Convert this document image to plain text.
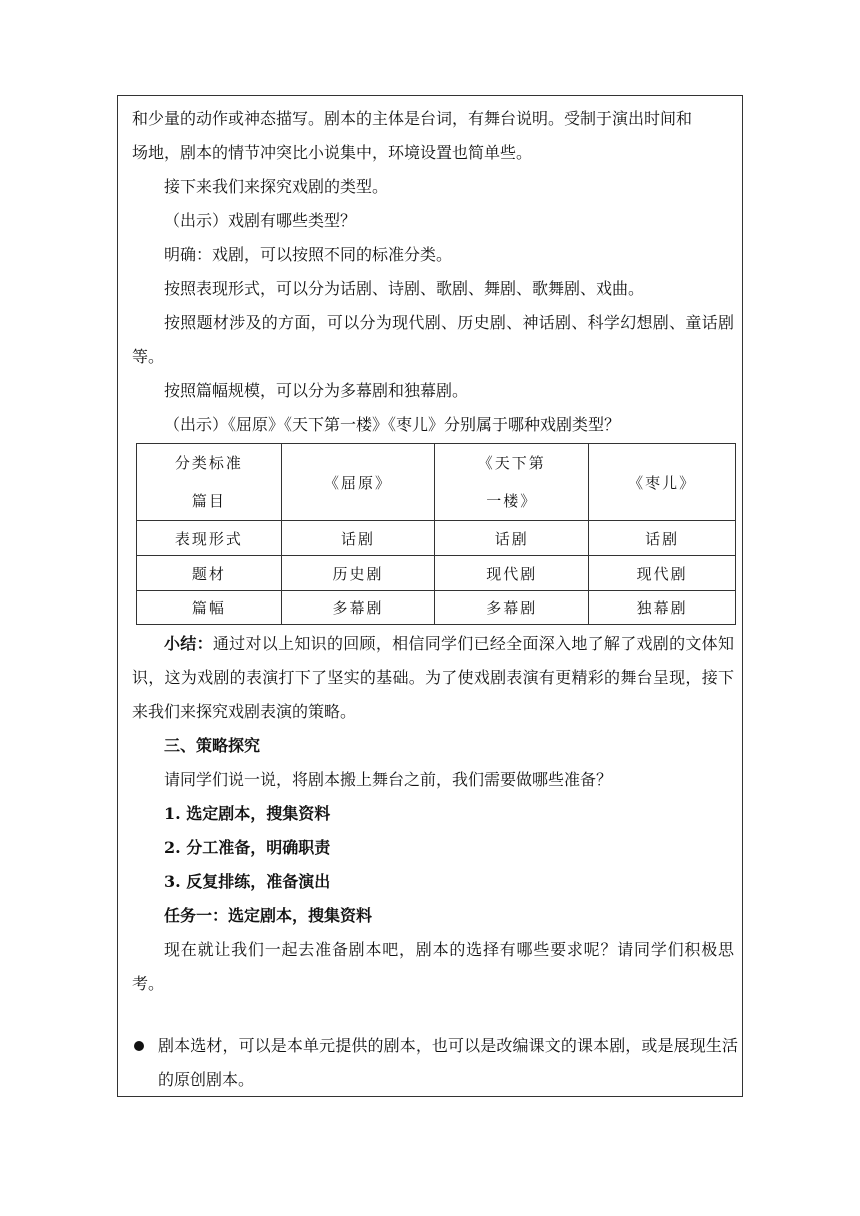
和少量的动作或神态描写。剧本的主体是台词，有舞台说明。受制于演出时间和

场地，剧本的情节冲突比小说集中，环境设置也简单些。

接下来我们来探究戏剧的类型。

（出示）戏剧有哪些类型？

明确：戏剧，可以按照不同的标准分类。

按照表现形式，可以分为话剧、诗剧、歌剧、舞剧、歌舞剧、戏曲。

按照题材涉及的方面，可以分为现代剧、历史剧、神话剧、科学幻想剧、童话剧等。

按照篇幅规模，可以分为多幕剧和独幕剧。

（出示）《屈原》《天下第一楼》《枣儿》分别属于哪种戏剧类型？

分类标准
篇目	《屈原》	《天下第一楼》	《枣儿》
表现形式	话剧	话剧	话剧
题材	历史剧	现代剧	现代剧
篇幅	多幕剧	多幕剧	独幕剧

小结：通过对以上知识的回顾，相信同学们已经全面深入地了解了戏剧的文体知识，这为戏剧的表演打下了坚实的基础。为了使戏剧表演有更精彩的舞台呈现，接下来我们来探究戏剧表演的策略。

三、策略探究

请同学们说一说，将剧本搬上舞台之前，我们需要做哪些准备？

1. 选定剧本，搜集资料

2. 分工准备，明确职责

3. 反复排练，准备演出

任务一：选定剧本，搜集资料

现在就让我们一起去准备剧本吧，剧本的选择有哪些要求呢？请同学们积极思考。

剧本选材，可以是本单元提供的剧本，也可以是改编课文的课本剧，或是展现生活的原创剧本。
